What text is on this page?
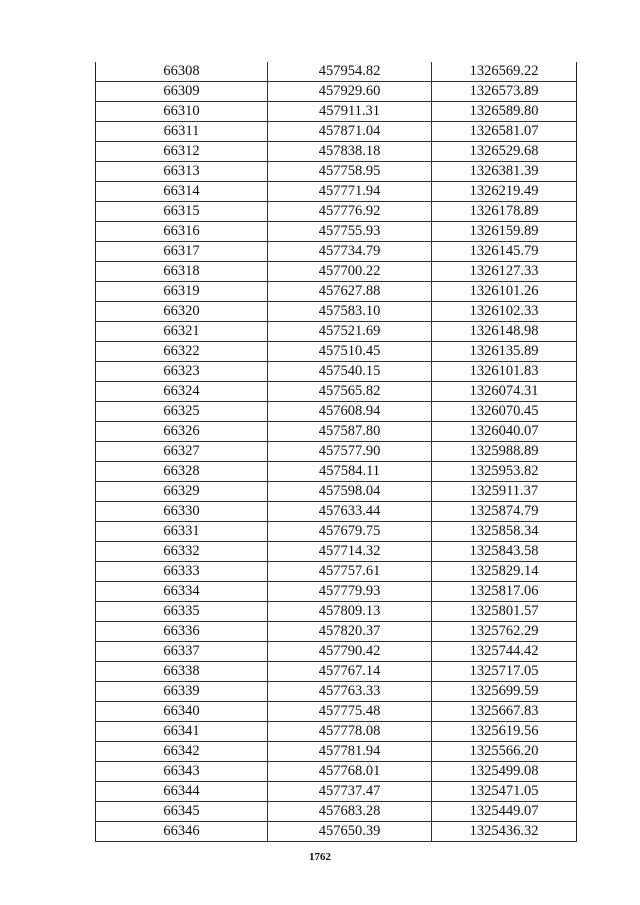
66308	457954.82	1326569.22
66309	457929.60	1326573.89
66310	457911.31	1326589.80
66311	457871.04	1326581.07
66312	457838.18	1326529.68
66313	457758.95	1326381.39
66314	457771.94	1326219.49
66315	457776.92	1326178.89
66316	457755.93	1326159.89
66317	457734.79	1326145.79
66318	457700.22	1326127.33
66319	457627.88	1326101.26
66320	457583.10	1326102.33
66321	457521.69	1326148.98
66322	457510.45	1326135.89
66323	457540.15	1326101.83
66324	457565.82	1326074.31
66325	457608.94	1326070.45
66326	457587.80	1326040.07
66327	457577.90	1325988.89
66328	457584.11	1325953.82
66329	457598.04	1325911.37
66330	457633.44	1325874.79
66331	457679.75	1325858.34
66332	457714.32	1325843.58
66333	457757.61	1325829.14
66334	457779.93	1325817.06
66335	457809.13	1325801.57
66336	457820.37	1325762.29
66337	457790.42	1325744.42
66338	457767.14	1325717.05
66339	457763.33	1325699.59
66340	457775.48	1325667.83
66341	457778.08	1325619.56
66342	457781.94	1325566.20
66343	457768.01	1325499.08
66344	457737.47	1325471.05
66345	457683.28	1325449.07
66346	457650.39	1325436.32
1762
